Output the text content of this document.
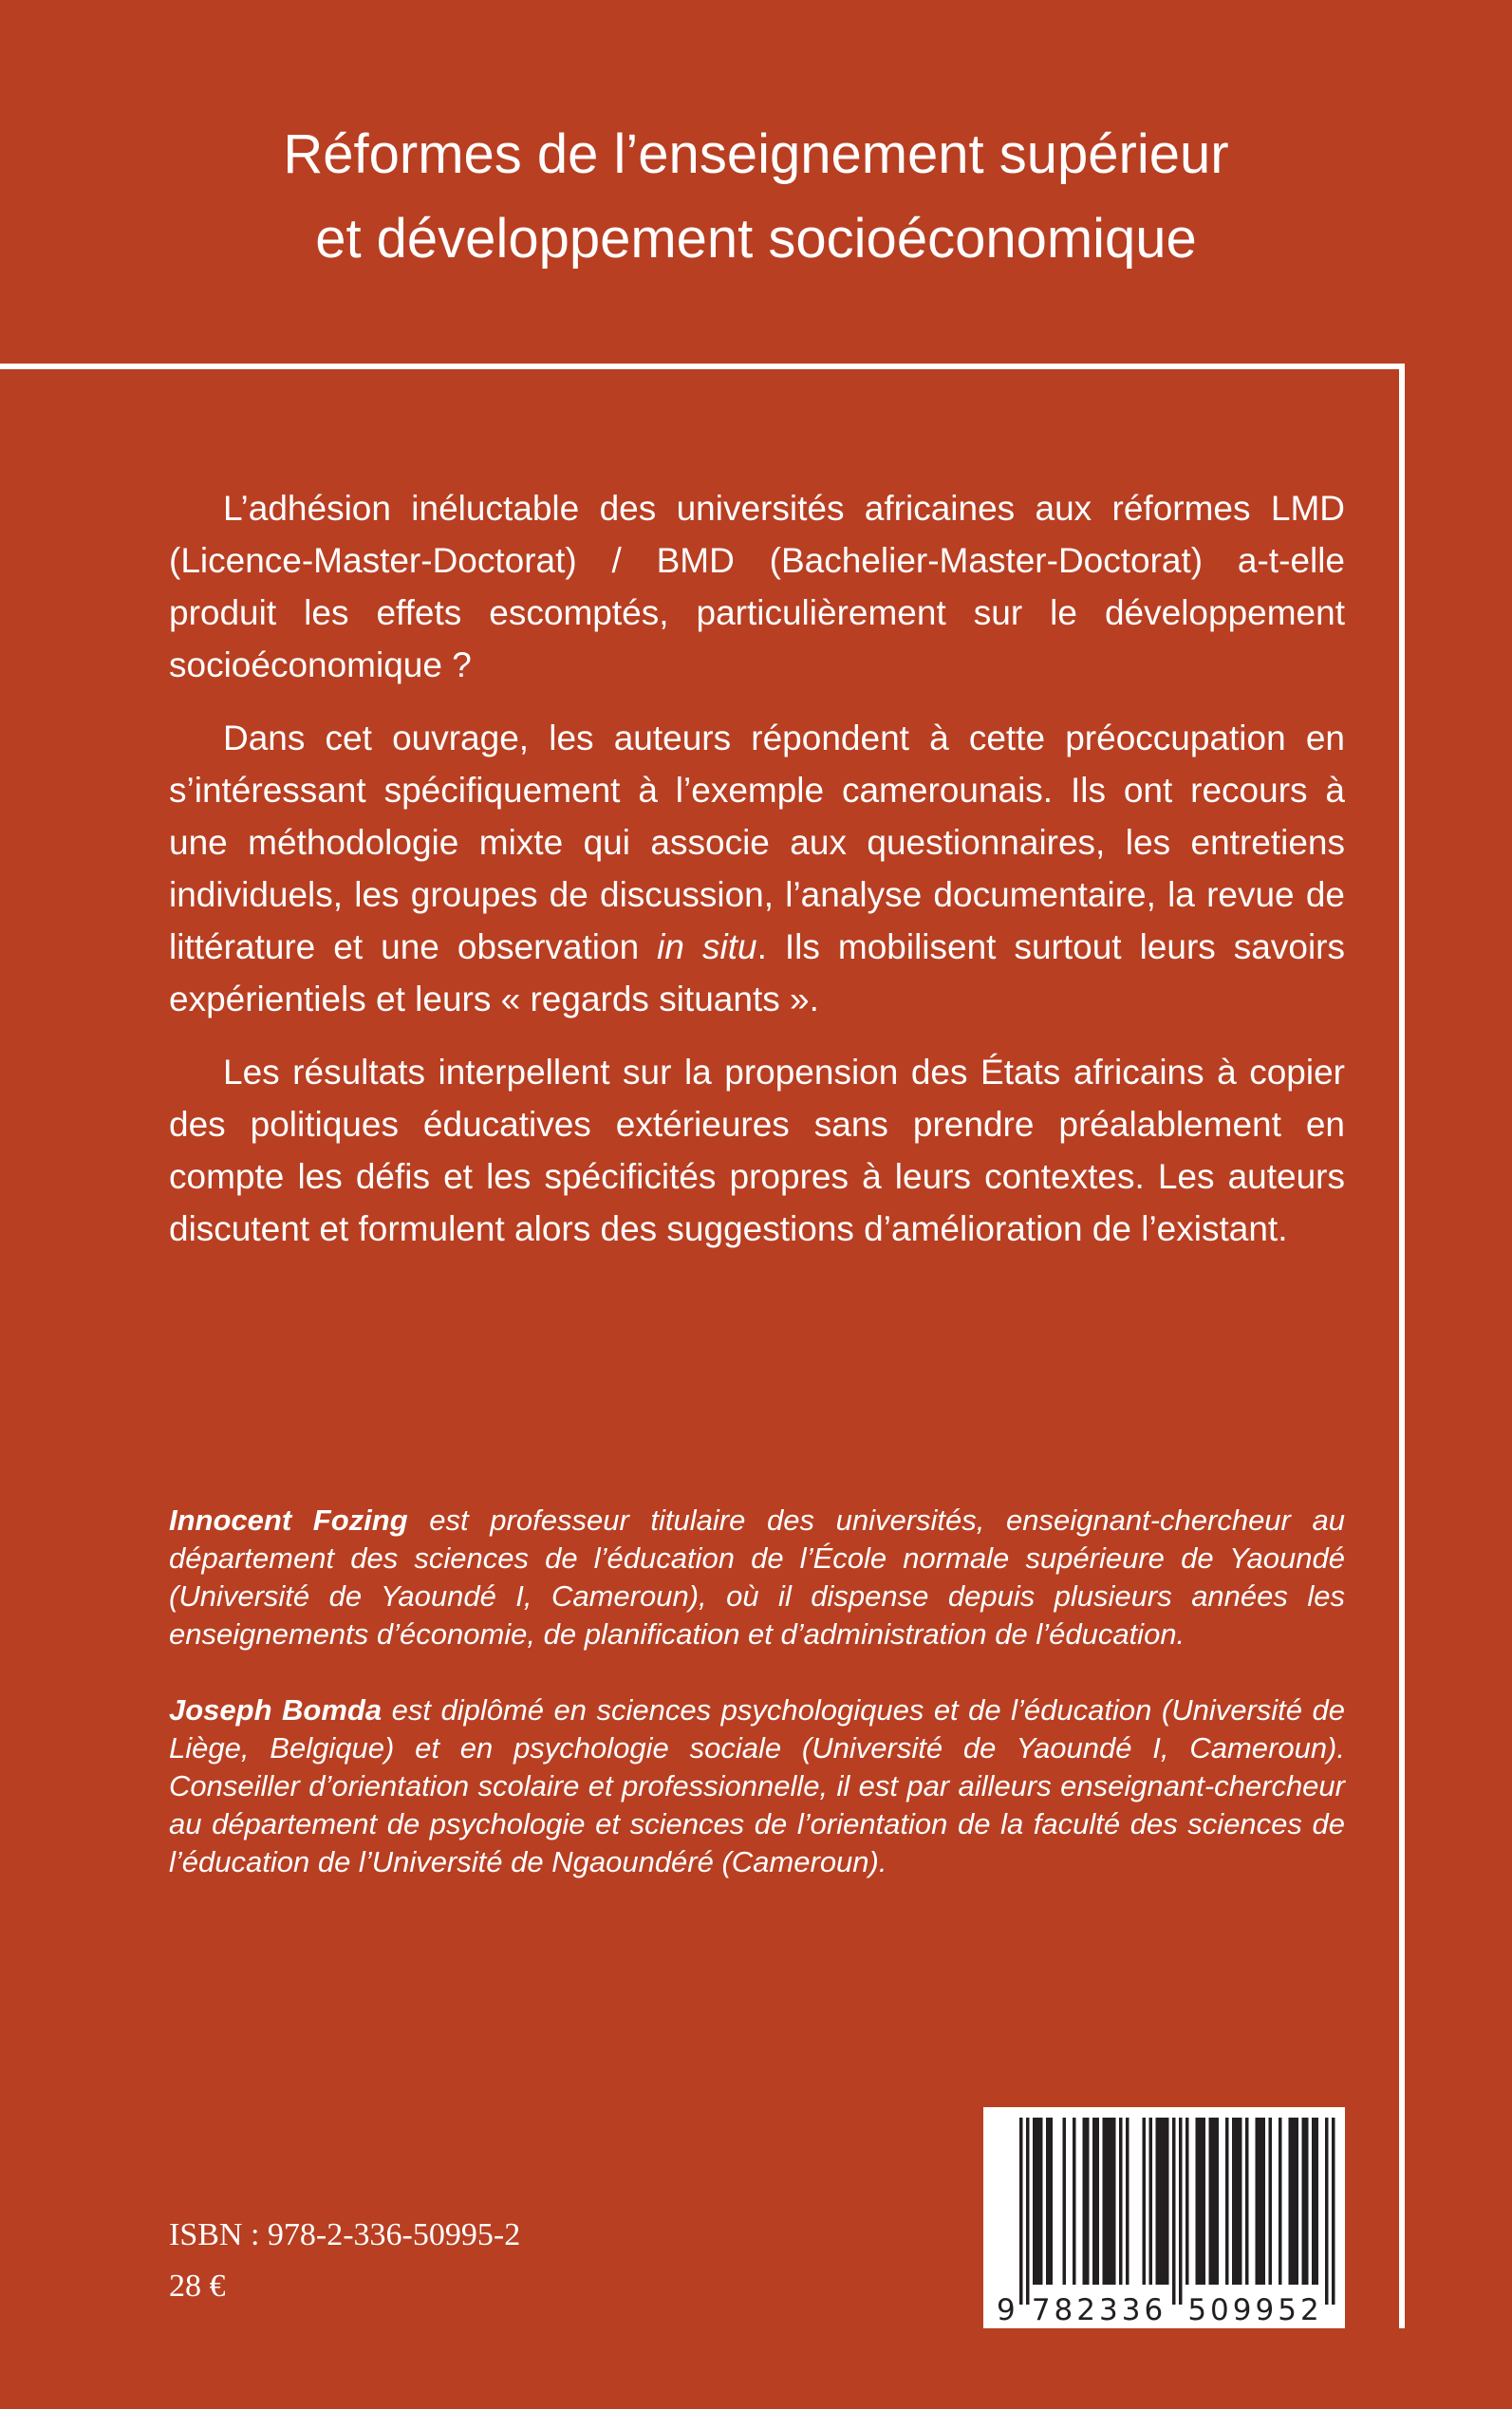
Réformes de l’enseignement supérieur
et développement socioéconomique

L’adhésion inéluctable des universités africaines aux réformes LMD (Licence-Master-Doctorat) / BMD (Bachelier-Master-Doctorat) a-t-elle produit les effets escomptés, particulièrement sur le développement socioéconomique ?

Dans cet ouvrage, les auteurs répondent à cette préoccupation en s’intéressant spécifiquement à l’exemple camerounais. Ils ont recours à une méthodologie mixte qui associe aux questionnaires, les entretiens individuels, les groupes de discussion, l’analyse documentaire, la revue de littérature et une observation in situ. Ils mobilisent surtout leurs savoirs expérientiels et leurs « regards situants ».

Les résultats interpellent sur la propension des États africains à copier des politiques éducatives extérieures sans prendre préalablement en compte les défis et les spécificités propres à leurs contextes. Les auteurs discutent et formulent alors des suggestions d’amélioration de l’existant.

Innocent Fozing est professeur titulaire des universités, enseignant-chercheur au département des sciences de l’éducation de l’École normale supérieure de Yaoundé (Université de Yaoundé I, Cameroun), où il dispense depuis plusieurs années les enseignements d’économie, de planification et d’administration de l’éducation.

Joseph Bomda est diplômé en sciences psychologiques et de l’éducation (Université de Liège, Belgique) et en psychologie sociale (Université de Yaoundé I, Cameroun). Conseiller d’orientation scolaire et professionnelle, il est par ailleurs enseignant-chercheur au département de psychologie et sciences de l’orientation de la faculté des sciences de l’éducation de l’Université de Ngaoundéré (Cameroun).

ISBN : 978-2-336-50995-2
28 €
9 782336 509952
